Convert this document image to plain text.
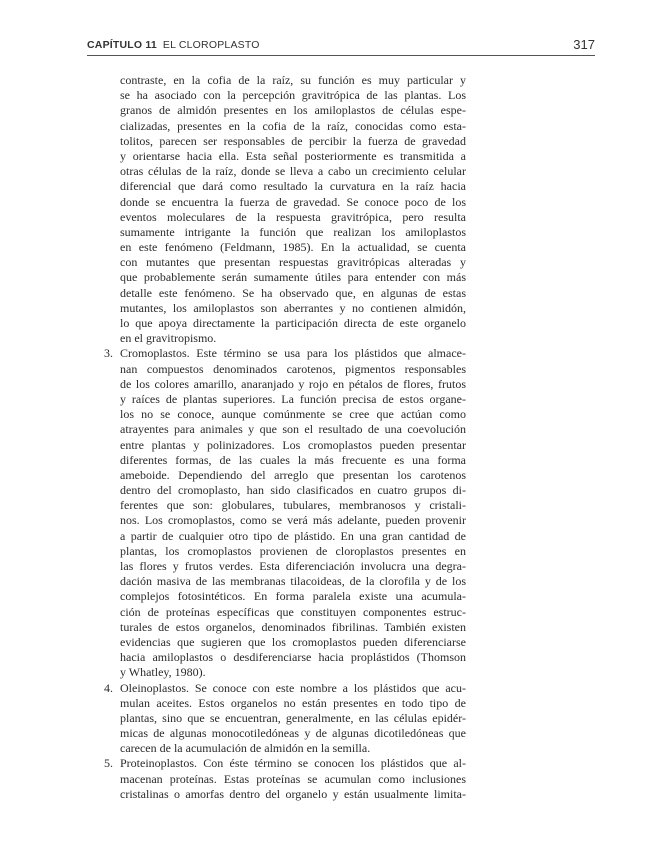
CAPÍTULO 11 EL CLOROPLASTO	317
contraste, en la cofia de la raíz, su función es muy particular y
se ha asociado con la percepción gravitrópica de las plantas. Los
granos de almidón presentes en los amiloplastos de células espe-
cializadas, presentes en la cofia de la raíz, conocidas como esta-
tolitos, parecen ser responsables de percibir la fuerza de gravedad
y orientarse hacia ella. Esta señal posteriormente es transmitida a
otras células de la raíz, donde se lleva a cabo un crecimiento celular
diferencial que dará como resultado la curvatura en la raíz hacia
donde se encuentra la fuerza de gravedad. Se conoce poco de los
eventos moleculares de la respuesta gravitrópica, pero resulta
sumamente intrigante la función que realizan los amiloplastos
en este fenómeno (Feldmann, 1985). En la actualidad, se cuenta
con mutantes que presentan respuestas gravitrópicas alteradas y
que probablemente serán sumamente útiles para entender con más
detalle este fenómeno. Se ha observado que, en algunas de estas
mutantes, los amiloplastos son aberrantes y no contienen almidón,
lo que apoya directamente la participación directa de este organelo
en el gravitropismo.
3. Cromoplastos. Este término se usa para los plástidos que almace-
nan compuestos denominados carotenos, pigmentos responsables
de los colores amarillo, anaranjado y rojo en pétalos de flores, frutos
y raíces de plantas superiores. La función precisa de estos organe-
los no se conoce, aunque comúnmente se cree que actúan como
atrayentes para animales y que son el resultado de una coevolución
entre plantas y polinizadores. Los cromoplastos pueden presentar
diferentes formas, de las cuales la más frecuente es una forma
ameboide. Dependiendo del arreglo que presentan los carotenos
dentro del cromoplasto, han sido clasificados en cuatro grupos di-
ferentes que son: globulares, tubulares, membranosos y cristali-
nos. Los cromoplastos, como se verá más adelante, pueden provenir
a partir de cualquier otro tipo de plástido. En una gran cantidad de
plantas, los cromoplastos provienen de cloroplastos presentes en
las flores y frutos verdes. Esta diferenciación involucra una degra-
dación masiva de las membranas tilacoideas, de la clorofila y de los
complejos fotosintéticos. En forma paralela existe una acumula-
ción de proteínas específicas que constituyen componentes estruc-
turales de estos organelos, denominados fibrilinas. También existen
evidencias que sugieren que los cromoplastos pueden diferenciarse
hacia amiloplastos o desdiferenciarse hacia proplástidos (Thomson
y Whatley, 1980).
4. Oleinoplastos. Se conoce con este nombre a los plástidos que acu-
mulan aceites. Estos organelos no están presentes en todo tipo de
plantas, sino que se encuentran, generalmente, en las células epidér-
micas de algunas monocotiledóneas y de algunas dicotiledóneas que
carecen de la acumulación de almidón en la semilla.
5. Proteinoplastos. Con éste término se conocen los plástidos que al-
macenan proteínas. Estas proteínas se acumulan como inclusiones
cristalinas o amorfas dentro del organelo y están usualmente limita-
